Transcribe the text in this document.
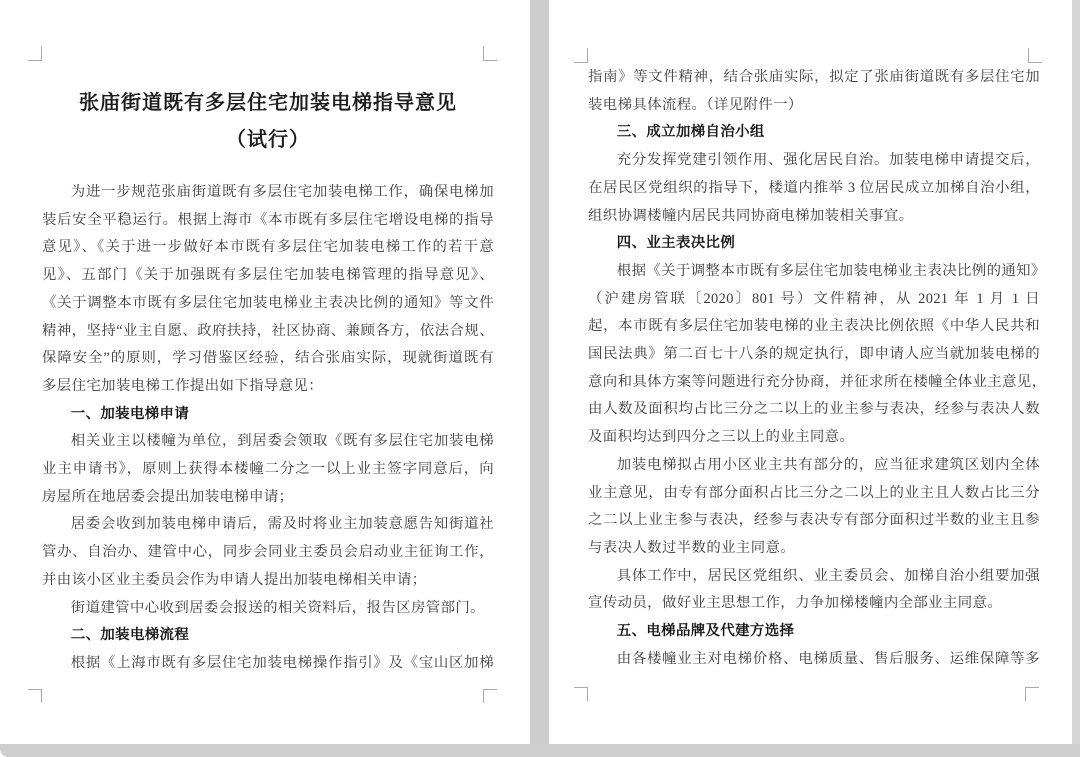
张庙街道既有多层住宅加装电梯指导意见
（试行）
为进一步规范张庙街道既有多层住宅加装电梯工作，确保电梯加
装后安全平稳运行。根据上海市《本市既有多层住宅增设电梯的指导
意见》、《关于进一步做好本市既有多层住宅加装电梯工作的若干意
见》、五部门《关于加强既有多层住宅加装电梯管理的指导意见》、
《关于调整本市既有多层住宅加装电梯业主表决比例的通知》等文件
精神，坚持“业主自愿、政府扶持，社区协商、兼顾各方，依法合规、
保障安全”的原则，学习借鉴区经验，结合张庙实际，现就街道既有
多层住宅加装电梯工作提出如下指导意见：
一、加装电梯申请
相关业主以楼幢为单位，到居委会领取《既有多层住宅加装电梯
业主申请书》，原则上获得本楼幢二分之一以上业主签字同意后，向
房屋所在地居委会提出加装电梯申请；
居委会收到加装电梯申请后，需及时将业主加装意愿告知街道社
管办、自治办、建管中心，同步会同业主委员会启动业主征询工作，
并由该小区业主委员会作为申请人提出加装电梯相关申请；
街道建管中心收到居委会报送的相关资料后，报告区房管部门。
二、加装电梯流程
根据《上海市既有多层住宅加装电梯操作指引》及《宝山区加梯
指南》等文件精神，结合张庙实际，拟定了张庙街道既有多层住宅加
装电梯具体流程。（详见附件一）
三、成立加梯自治小组
充分发挥党建引领作用、强化居民自治。加装电梯申请提交后，
在居民区党组织的指导下，楼道内推举 3 位居民成立加梯自治小组，
组织协调楼幢内居民共同协商电梯加装相关事宜。
四、业主表决比例
根据《关于调整本市既有多层住宅加装电梯业主表决比例的通知》
（沪建房管联〔2020〕801 号）文件精神，从 2021 年 1 月 1 日
起，本市既有多层住宅加装电梯的业主表决比例依照《中华人民共和
国民法典》第二百七十八条的规定执行，即申请人应当就加装电梯的
意向和具体方案等问题进行充分协商，并征求所在楼幢全体业主意见，
由人数及面积均占比三分之二以上的业主参与表决，经参与表决人数
及面积均达到四分之三以上的业主同意。
加装电梯拟占用小区业主共有部分的，应当征求建筑区划内全体
业主意见，由专有部分面积占比三分之二以上的业主且人数占比三分
之二以上业主参与表决，经参与表决专有部分面积过半数的业主且参
与表决人数过半数的业主同意。
具体工作中，居民区党组织、业主委员会、加梯自治小组要加强
宣传动员，做好业主思想工作，力争加梯楼幢内全部业主同意。
五、电梯品牌及代建方选择
由各楼幢业主对电梯价格、电梯质量、售后服务、运维保障等多
